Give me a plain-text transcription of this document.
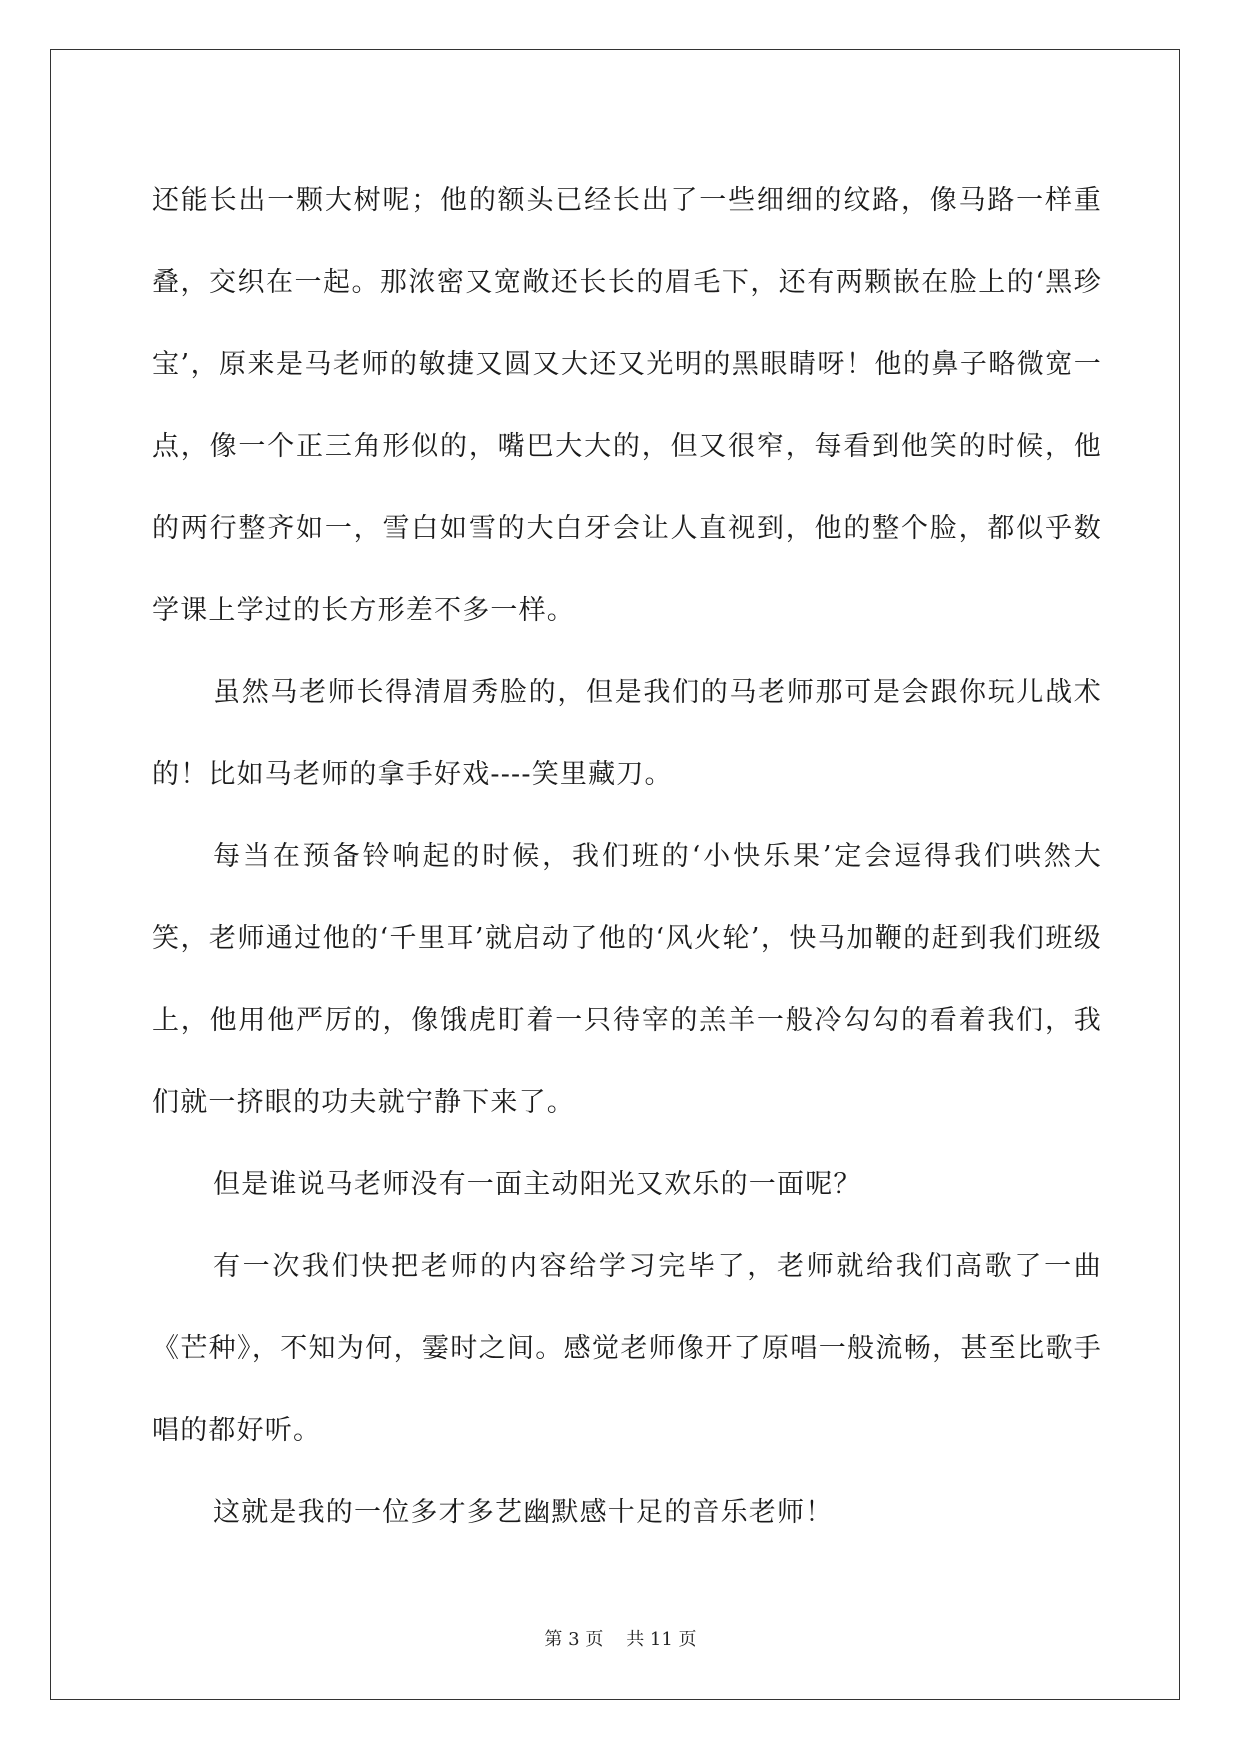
还能长出一颗大树呢；他的额头已经长出了一些细细的纹路，像马路一样重叠，交织在一起。那浓密又宽敞还长长的眉毛下，还有两颗嵌在脸上的‘黑珍宝’，原来是马老师的敏捷又圆又大还又光明的黑眼睛呀！他的鼻子略微宽一点，像一个正三角形似的，嘴巴大大的，但又很窄，每看到他笑的时候，他的两行整齐如一，雪白如雪的大白牙会让人直视到，他的整个脸，都似乎数学课上学过的长方形差不多一样。

虽然马老师长得清眉秀脸的，但是我们的马老师那可是会跟你玩儿战术的！比如马老师的拿手好戏----笑里藏刀。

每当在预备铃响起的时候，我们班的‘小快乐果’定会逗得我们哄然大笑，老师通过他的‘千里耳’就启动了他的‘风火轮’，快马加鞭的赶到我们班级上，他用他严厉的，像饿虎盯着一只待宰的羔羊一般冷勾勾的看着我们，我们就一挤眼的功夫就宁静下来了。

但是谁说马老师没有一面主动阳光又欢乐的一面呢？

有一次我们快把老师的内容给学习完毕了，老师就给我们高歌了一曲《芒种》，不知为何，霎时之间。感觉老师像开了原唱一般流畅，甚至比歌手唱的都好听。

这就是我的一位多才多艺幽默感十足的音乐老师！

第 3 页    共 11 页
